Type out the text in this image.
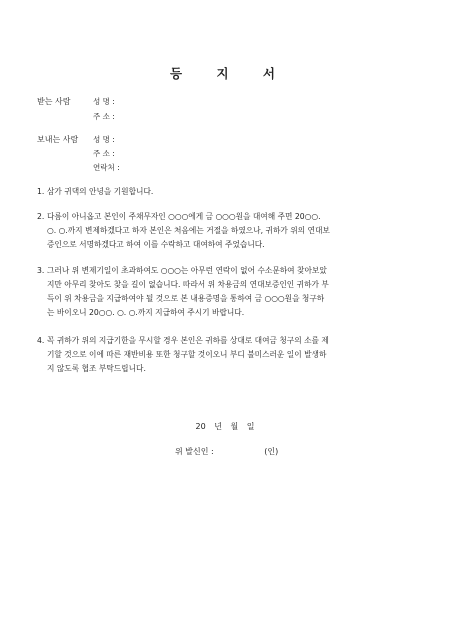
등 지 서
받는 사람	성 명 :
주 소 :
보내는 사람 성 명 :
주 소 :
연락처 :
1. 삼가 귀댁의 안녕을 기원합니다.
2. 다름이 아니옵고 본인이 주채무자인 ○○○에게 금 ○○○원을 대여해 주면 20○○.
○. ○.까지 변제하겠다고 하자 본인은 처음에는 거절을 하였으나, 귀하가 위의 연대보
증인으로 서명하겠다고 하여 이를 수락하고 대여하여 주었습니다.
3. 그러나 위 변제기일이 초과하여도 ○○○는 아무런 연락이 없어 수소문하여 찾아보았
지만 아무리 찾아도 찾을 길이 없습니다. 따라서 위 차용금의 연대보증인인 귀하가 부
득이 위 차용금을 지급하여야 될 것으로 본 내용증명을 통하여 금 ○○○원을 청구하
는 바이오니 20○○. ○. ○.까지 지급하여 주시기 바랍니다.
4. 꼭 귀하가 위의 지급기한을 무시할 경우 본인은 귀하를 상대로 대여금 청구의 소를 제
기할 것으로 이에 따른 재반비용 또한 청구할 것이오니 부디 불미스러운 일이 발생하
지 않도록 협조 부탁드립니다.
20 년 월 일
위 발신인 :	(인)
